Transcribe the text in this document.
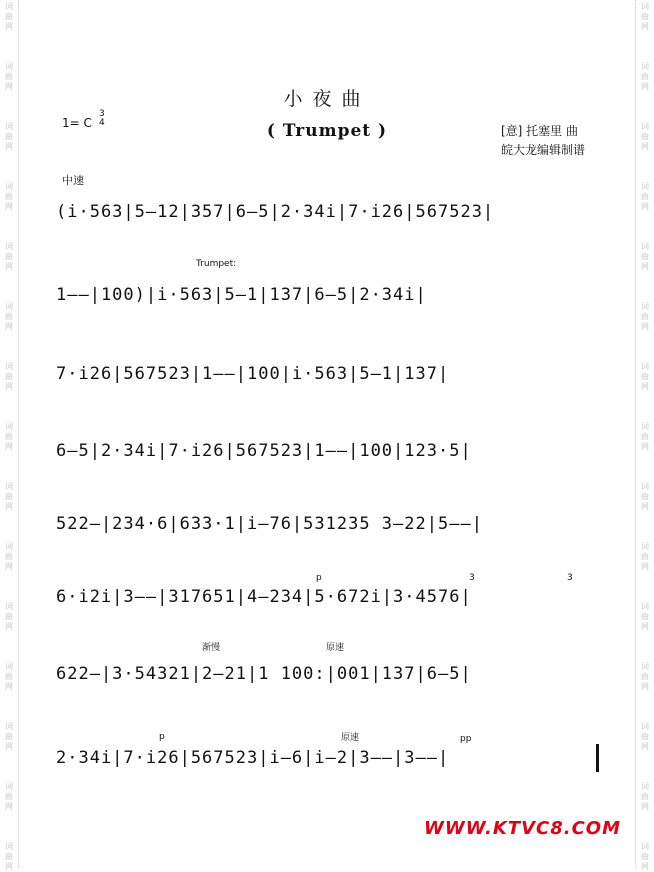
词曲网
词曲网
词曲网
词曲网
词曲网
词曲网
词曲网
词曲网
词曲网
词曲网
词曲网
词曲网
词曲网
词曲网
词曲网
词曲网
词曲网
词曲网
词曲网
词曲网
词曲网
词曲网
词曲网
词曲网
词曲网
词曲网
词曲网
词曲网
词曲网
词曲网
小夜曲
( Trumpet )
1= C
3
4
[意] 托塞里 曲
皖大龙编辑制谱
中速
(i·563|5—12|357|6—5|2·34i|7·i26|567523|
Trumpet:
1——|100)|i·563|5—1|137|6—5|2·34i|
7·i26|567523|1——|100|i·563|5—1|137|
6—5|2·34i|7·i26|567523|1——|100|123·5|
522—|234·6|633·1|i—76|531235 3—22|5——|
p	3	3
6·i2i|3——|317651|4—234|5·672i|3·4576|
渐慢	原速
622—|3·54321|2—21|1 100:|001|137|6—5|
p	原速	pp
2·34i|7·i26|567523|i—6|i—2|3——|3——|
WWW.KTVC8.COM
